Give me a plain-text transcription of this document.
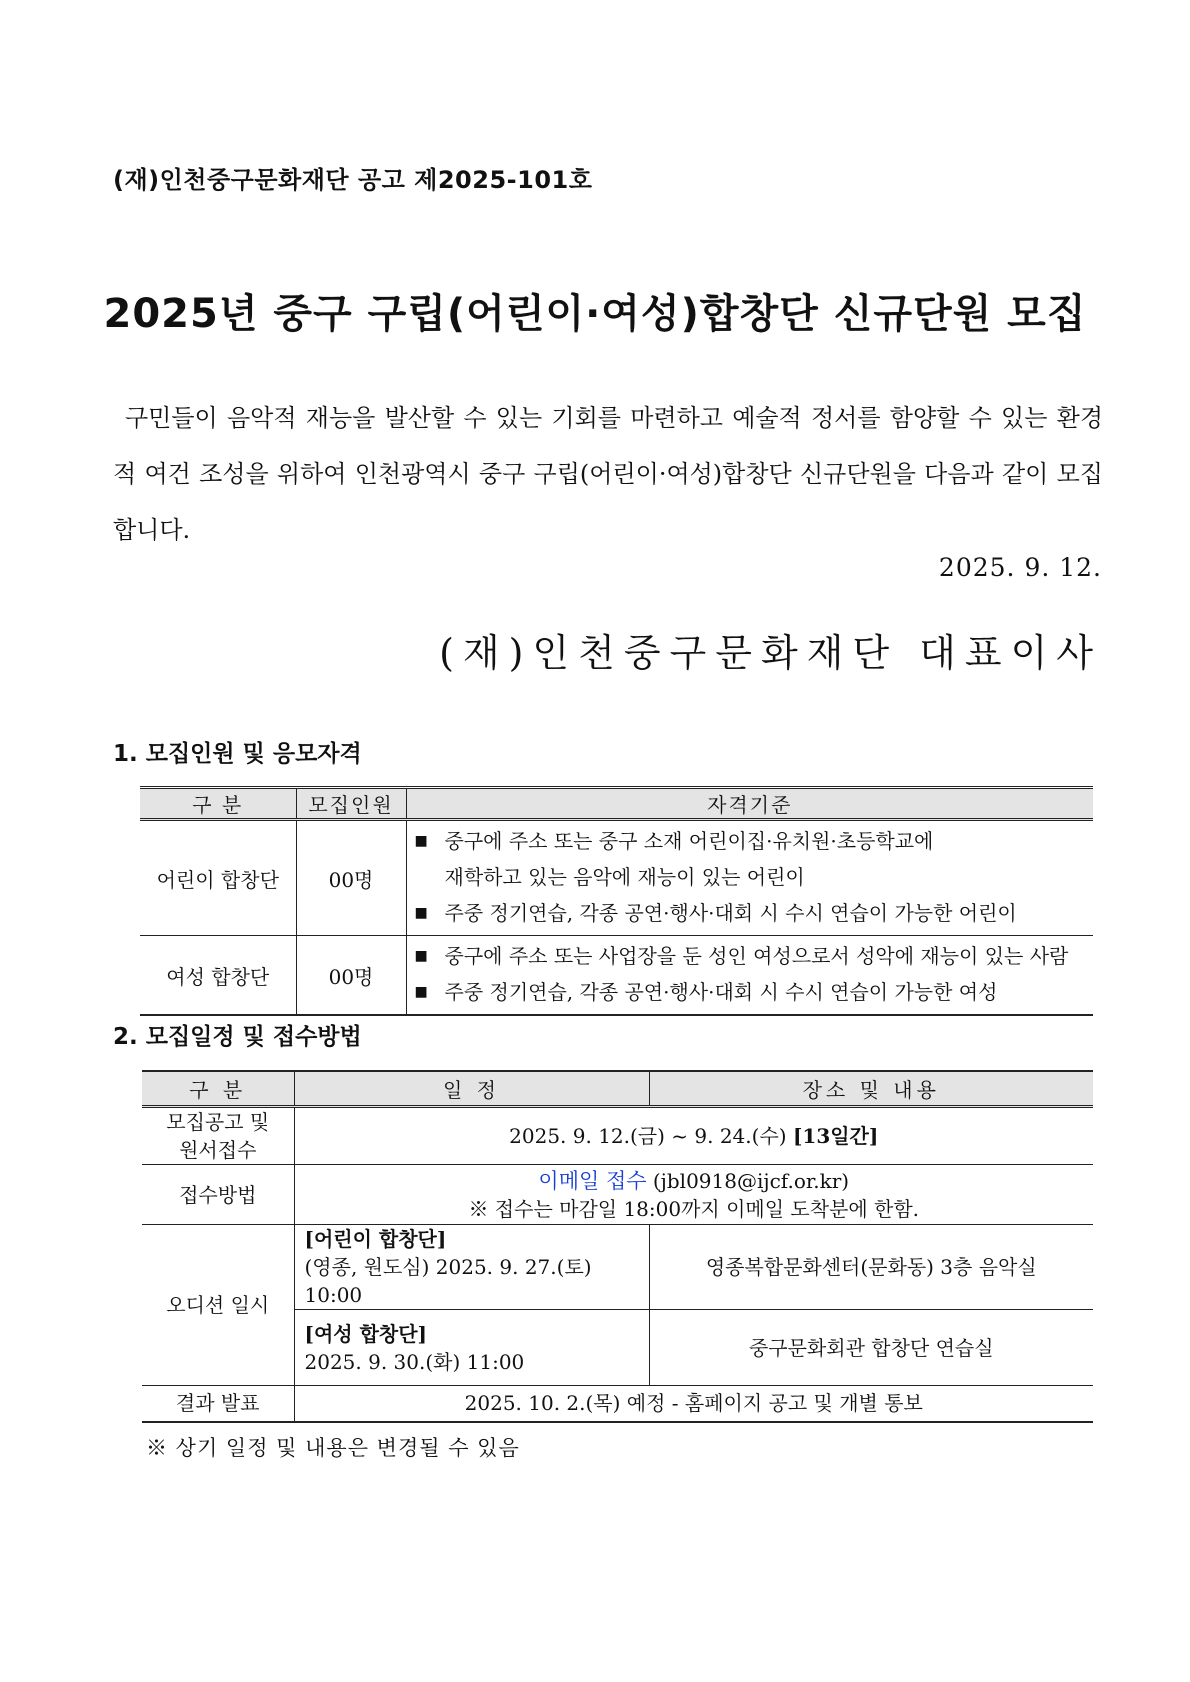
(재)인천중구문화재단 공고 제2025-101호
2025년 중구 구립(어린이·여성)합창단 신규단원 모집

구민들이 음악적 재능을 발산할 수 있는 기회를 마련하고 예술적 정서를 함양할 수 있는 환경적 여건 조성을 위하여 인천광역시 중구 구립(어린이·여성)합창단 신규단원을 다음과 같이 모집합니다.

2025. 9. 12.
(재)인천중구문화재단 대표이사
1. 모집인원 및 응모자격
구 분	모집인원	자격기준
어린이 합창단	00명	■ 중구에 주소 또는 중구 소재 어린이집·유치원·초등학교에
재학하고 있는 음악에 재능이 있는 어린이
■ 주중 정기연습, 각종 공연·행사·대회 시 수시 연습이 가능한 어린이

여성 합창단	00명	■ 중구에 주소 또는 사업장을 둔 성인 여성으로서 성악에 재능이 있는 사람
■ 주중 정기연습, 각종 공연·행사·대회 시 수시 연습이 가능한 여성
2. 모집일정 및 접수방법
구 분	일 정	장소 및 내용
모집공고 및 원서접수	2025. 9. 12.(금) ~ 9. 24.(수) [13일간]	
접수방법	이메일 접수 (jbl0918@ijcf.or.kr)
※ 접수는 마감일 18:00까지 이메일 도착분에 한함.	

오디션 일시	[어린이 합창단]
(영종, 원도심) 2025. 9. 27.(토) 10:00	영종복합문화센터(문화동) 3층 음악실

	[여성 합창단]
2025. 9. 30.(화) 11:00	중구문화회관 합창단 연습실
결과 발표	2025. 10. 2.(목) 예정 - 홈페이지 공고 및 개별 통보	
※ 상기 일정 및 내용은 변경될 수 있음
